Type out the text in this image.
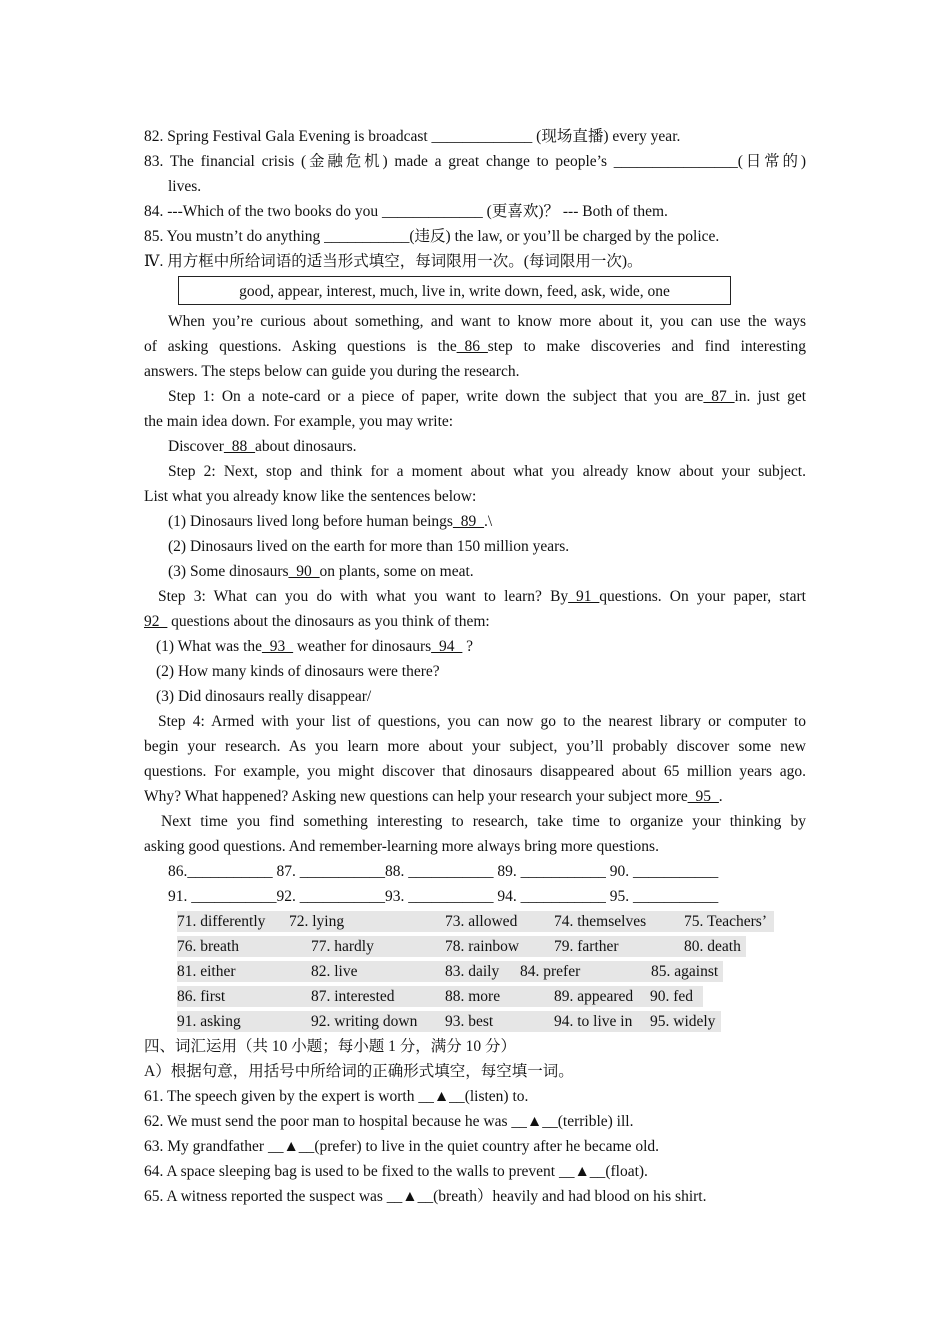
82. Spring Festival Gala Evening is broadcast _____________ (现场直播) every year.
83. The financial crisis (金融危机) made a great change to people’s ________________(日常的)
lives.
84. ---Which of the two books do you _____________ (更喜欢)？ --- Both of them.
85. You mustn’t do anything ___________(违反) the law, or you’ll be charged by the police.
Ⅳ. 用方框中所给词语的适当形式填空，每词限用一次。(每词限用一次)。
good, appear, interest, much, live in, write down, feed, ask, wide, one
When you’re curious about something, and want to know more about it, you can use the ways
of asking questions. Asking questions is the_86_step to make discoveries and find interesting
answers. The steps below can guide you during the research.
Step 1: On a note-card or a piece of paper, write down the subject that you are_87_in. just get
the main idea down. For example, you may write:
Discover_88_about dinosaurs.
Step 2: Next, stop and think for a moment about what you already know about your subject.
List what you already know like the sentences below:
(1) Dinosaurs lived long before human beings_89_.\
(2) Dinosaurs lived on the earth for more than 150 million years.
(3) Some dinosaurs_90_on plants, some on meat.
Step 3: What can you do with what you want to learn? By_91_questions. On your paper, start
92_ questions about the dinosaurs as you think of them:
(1) What was the_93_ weather for dinosaurs_94_ ?
(2) How many kinds of dinosaurs were there?
(3) Did dinosaurs really disappear/
Step 4: Armed with your list of questions, you can now go to the nearest library or computer to
begin your research. As you learn more about your subject, you’ll probably discover some new
questions. For example, you might discover that dinosaurs disappeared about 65 million years ago.
Why? What happened? Asking new questions can help your research your subject more_95_.
Next time you find something interesting to research, take time to organize your thinking by
asking good questions. And remember-learning more always bring more questions.
86.___________ 87. ___________88. ___________ 89. ___________ 90. ___________
91. ___________92. ___________93. ___________ 94. ___________ 95. ___________
71. differently 72. lying	73. allowed 74. themselves 75. Teachers’
76. breath	77. hardly	78. rainbow 79. farther	80. death
81. either	82. live	83. daily 84. prefer	85. against
86. first	87. interested	88. more	89. appeared 90. fed
91. asking	92. writing down 93. best	94. to live in 95. widely
四、词汇运用（共 10 小题；每小题 1 分，满分 10 分）
A）根据句意，用括号中所给词的正确形式填空，每空填一词。
61. The speech given by the expert is worth __▲__(listen) to.
62. We must send the poor man to hospital because he was __▲__(terrible) ill.
63. My grandfather __▲__(prefer) to live in the quiet country after he became old.
64. A space sleeping bag is used to be fixed to the walls to prevent __▲__(float).
65. A witness reported the suspect was __▲__(breath）heavily and had blood on his shirt.
